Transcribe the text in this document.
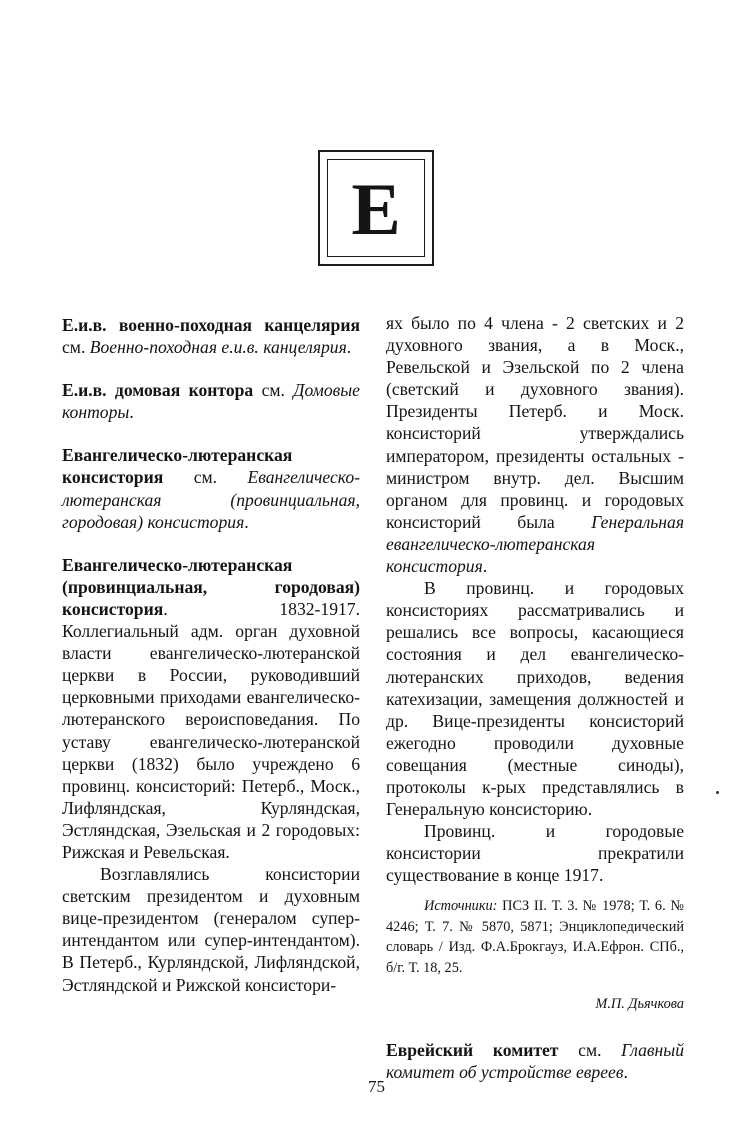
Е

Е.и.в. военно-походная канцелярия см. Военно-походная е.и.в. канцелярия.

Е.и.в. домовая контора см. Домовые конторы.

Евангелическо-лютеранская консистория см. Евангелическо-лютеранская (провинциальная, городовая) консистория.

Евангелическо-лютеранская (провинциальная, городовая) консистория. 1832-1917. Коллегиальный адм. орган духовной власти евангелическо-лютеранской церкви в России, руководивший церковными приходами евангелическо-лютеранского вероисповедания. По уставу евангелическо-лютеранской церкви (1832) было учреждено 6 провинц. консисторий: Петерб., Моск., Лифляндская, Курляндская, Эстляндская, Эзельская и 2 городовых: Рижская и Ревельская.

Возглавлялись консистории светским президентом и духовным вице-президентом (генералом супер-интендантом или супер-интендантом). В Петерб., Курляндской, Лифляндской, Эстляндской и Рижской консистори-

ях было по 4 члена - 2 светских и 2 духовного звания, а в Моск., Ревельской и Эзельской по 2 члена (светский и духовного звания). Президенты Петерб. и Моск. консисторий утверждались императором, президенты остальных - министром внутр. дел. Высшим органом для провинц. и городовых консисторий была Генеральная евангелическо-лютеранская консистория.

В провинц. и городовых консисториях рассматривались и решались все вопросы, касающиеся состояния и дел евангелическо-лютеранских приходов, ведения катехизации, замещения должностей и др. Вице-президенты консисторий ежегодно проводили духовные совещания (местные синоды), протоколы к-рых представлялись в Генеральную консисторию.

Провинц. и городовые консистории прекратили существование в конце 1917.

Источники: ПСЗ II. Т. 3. № 1978; Т. 6. № 4246; Т. 7. № 5870, 5871; Энциклопедический словарь / Изд. Ф.А.Брокгауз, И.А.Ефрон. СПб., б/г. Т. 18, 25.

М.П. Дьячкова

Еврейский комитет см. Главный комитет об устройстве евреев.

75
